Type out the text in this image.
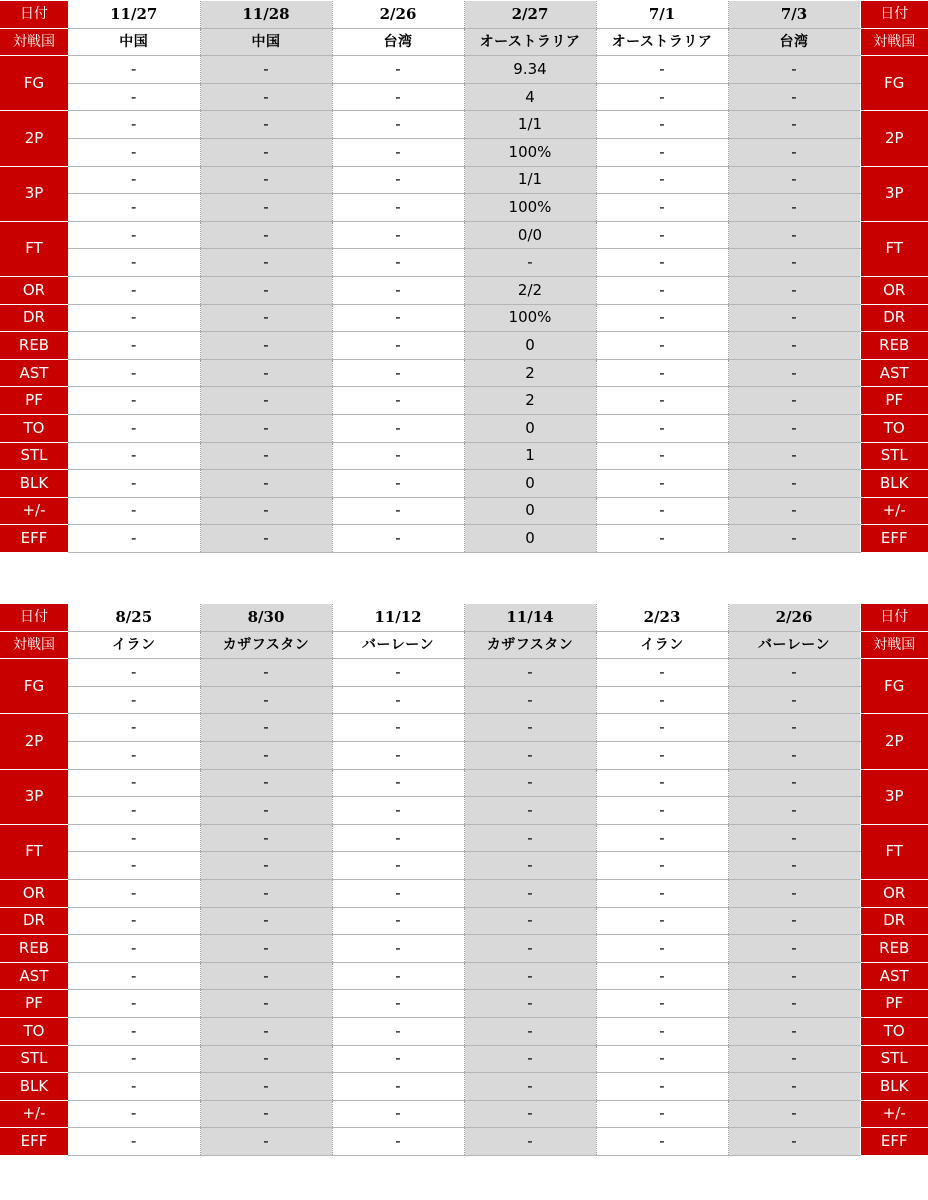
日付	11/27	11/28	2/26	2/27	7/1	7/3	日付
対戦国	中国	中国	台湾	オーストラリア	オーストラリア	台湾	対戦国
FG	-	-	-	9.34	-	-	FG
	-	-	-	4	-	-	
2P	-	-	-	1/1	-	-	2P
	-	-	-	100%	-	-	
3P	-	-	-	1/1	-	-	3P
	-	-	-	100%	-	-	
FT	-	-	-	0/0	-	-	FT
	-	-	-	-	-	-	
OR	-	-	-	2/2	-	-	OR
DR	-	-	-	100%	-	-	DR
REB	-	-	-	0	-	-	REB
AST	-	-	-	2	-	-	AST
PF	-	-	-	2	-	-	PF
TO	-	-	-	0	-	-	TO
STL	-	-	-	1	-	-	STL
BLK	-	-	-	0	-	-	BLK
+/-	-	-	-	0	-	-	+/-
EFF	-	-	-	0	-	-	EFF
日付	8/25	8/30	11/12	11/14	2/23	2/26	日付
対戦国	イラン	カザフスタン	バーレーン	カザフスタン	イラン	バーレーン	対戦国
FG	-	-	-	-	-	-	FG
	-	-	-	-	-	-	
2P	-	-	-	-	-	-	2P
	-	-	-	-	-	-	
3P	-	-	-	-	-	-	3P
	-	-	-	-	-	-	
FT	-	-	-	-	-	-	FT
	-	-	-	-	-	-	
OR	-	-	-	-	-	-	OR
DR	-	-	-	-	-	-	DR
REB	-	-	-	-	-	-	REB
AST	-	-	-	-	-	-	AST
PF	-	-	-	-	-	-	PF
TO	-	-	-	-	-	-	TO
STL	-	-	-	-	-	-	STL
BLK	-	-	-	-	-	-	BLK
+/-	-	-	-	-	-	-	+/-
EFF	-	-	-	-	-	-	EFF
